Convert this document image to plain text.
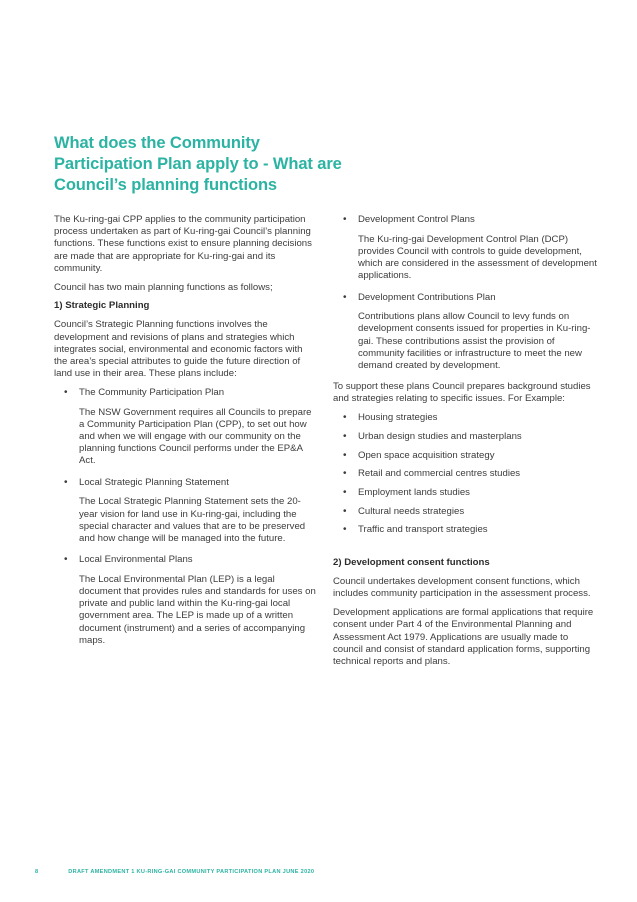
What does the Community
Participation Plan apply to - What are
Council’s planning functions

The Ku-ring-gai CPP applies to the community participation process undertaken as part of Ku-ring-gai Council’s planning functions. These functions exist to ensure planning decisions are made that are appropriate for Ku-ring-gai and its community.

Council has two main planning functions as follows;

1) Strategic Planning

Council’s Strategic Planning functions involves the development and revisions of plans and strategies which integrates social, environmental and economic factors with the area’s special attributes to guide the future direction of land use in their area. These plans include:

• The Community Participation Plan

The NSW Government requires all Councils to prepare a Community Participation Plan (CPP), to set out how and when we will engage with our community on the planning functions Council performs under the EP&A Act.

• Local Strategic Planning Statement

The Local Strategic Planning Statement sets the 20-year vision for land use in Ku-ring-gai, including the special character and values that are to be preserved and how change will be managed into the future.

• Local Environmental Plans

The Local Environmental Plan (LEP) is a legal document that provides rules and standards for uses on private and public land within the Ku-ring-gai local government area. The LEP is made up of a written document (instrument) and a series of accompanying maps.

• Development Control Plans

The Ku-ring-gai Development Control Plan (DCP) provides Council with controls to guide development, which are considered in the assessment of development applications.

• Development Contributions Plan

Contributions plans allow Council to levy funds on development consents issued for properties in Ku-ring-gai. These contributions assist the provision of community facilities or infrastructure to meet the new demand created by development.

To support these plans Council prepares background studies and strategies relating to specific issues. For Example:

• Housing strategies

• Urban design studies and masterplans

• Open space acquisition strategy

• Retail and commercial centres studies

• Employment lands studies

• Cultural needs strategies

• Traffic and transport strategies

2) Development consent functions

Council undertakes development consent functions, which includes community participation in the assessment process.

Development applications are formal applications that require consent under Part 4 of the Environmental Planning and Assessment Act 1979. Applications are usually made to council and consist of standard application forms, supporting technical reports and plans.

8	DRAFT AMENDMENT 1 KU-RING-GAI COMMUNITY PARTICIPATION PLAN JUNE 2020
